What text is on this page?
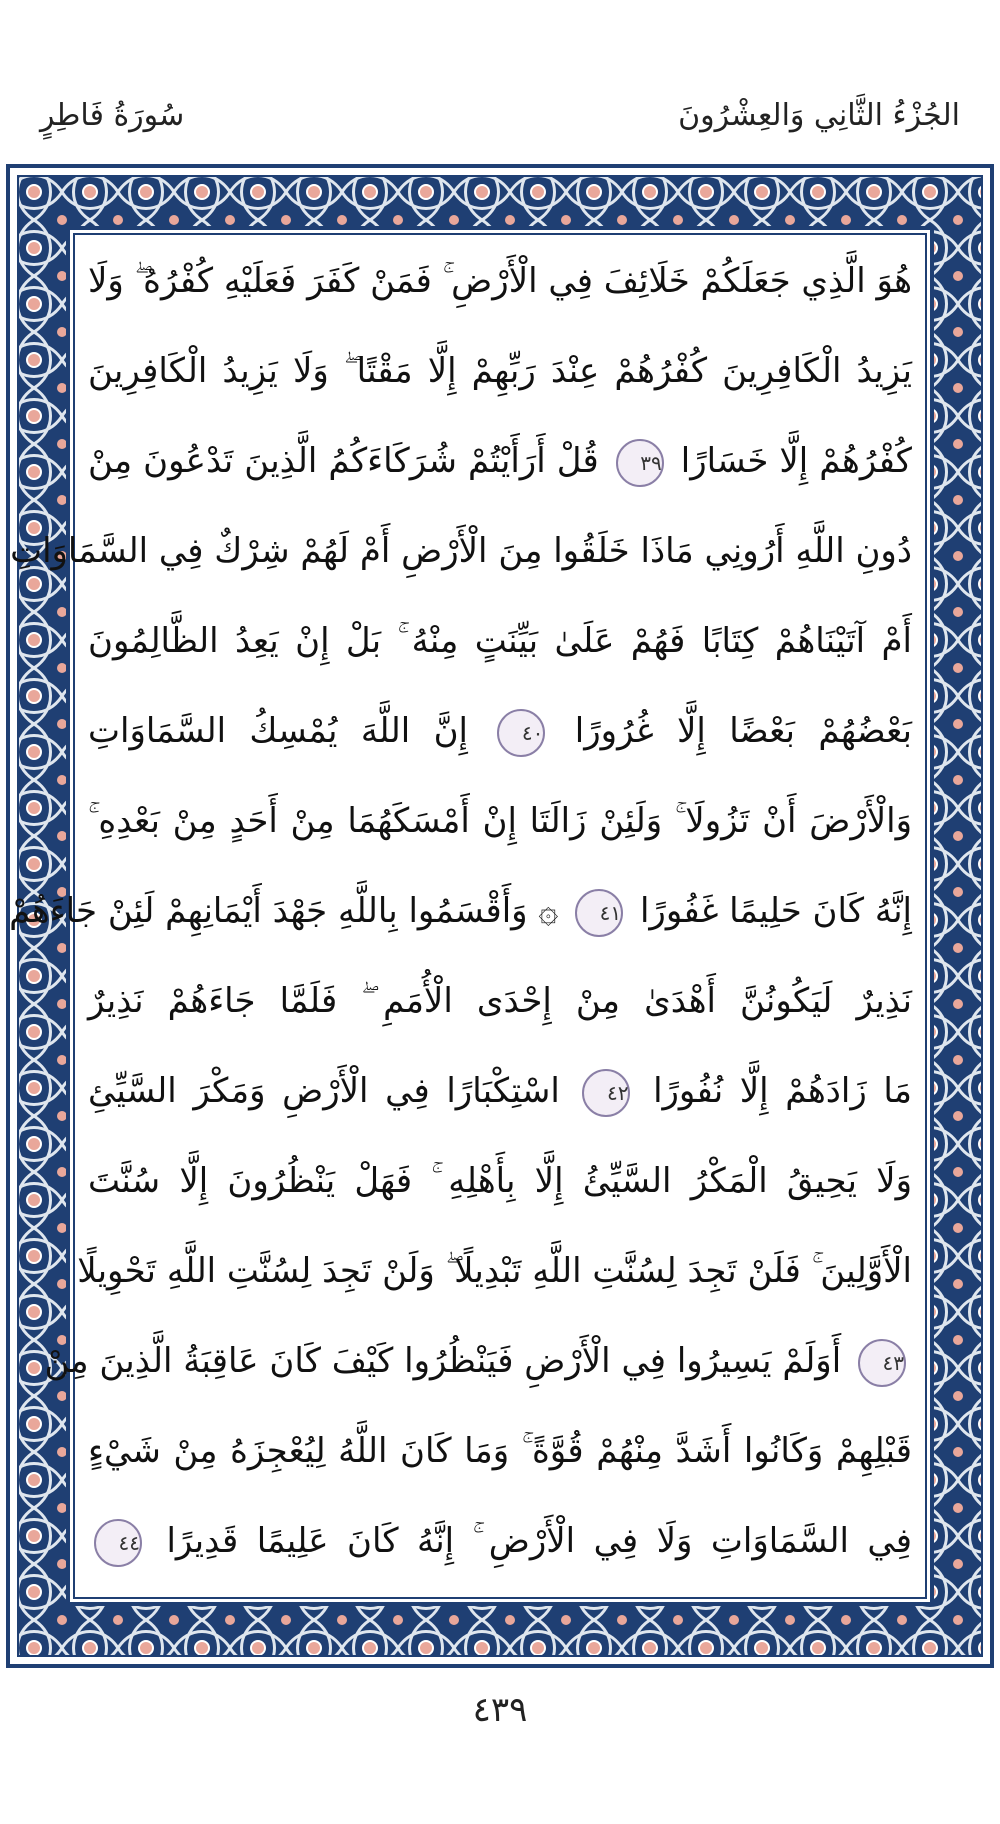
الجُزْءُ الثَّانِي وَالعِشْرُونَ
سُورَةُ فَاطِرٍ
هُوَ الَّذِي جَعَلَكُمْ خَلَائِفَ فِي الْأَرْضِ ۚ فَمَنْ كَفَرَ فَعَلَيْهِ كُفْرُهُ ۖ وَلَا
يَزِيدُ الْكَافِرِينَ كُفْرُهُمْ عِنْدَ رَبِّهِمْ إِلَّا مَقْتًا ۖ وَلَا يَزِيدُ الْكَافِرِينَ
كُفْرُهُمْ إِلَّا خَسَارًا ٣٩ قُلْ أَرَأَيْتُمْ شُرَكَاءَكُمُ الَّذِينَ تَدْعُونَ مِنْ
دُونِ اللَّهِ أَرُونِي مَاذَا خَلَقُوا مِنَ الْأَرْضِ أَمْ لَهُمْ شِرْكٌ فِي السَّمَاوَاتِ
أَمْ آتَيْنَاهُمْ كِتَابًا فَهُمْ عَلَىٰ بَيِّنَتٍ مِنْهُ ۚ بَلْ إِنْ يَعِدُ الظَّالِمُونَ
بَعْضُهُمْ بَعْضًا إِلَّا غُرُورًا ٤٠ إِنَّ اللَّهَ يُمْسِكُ السَّمَاوَاتِ
وَالْأَرْضَ أَنْ تَزُولَا ۚ وَلَئِنْ زَالَتَا إِنْ أَمْسَكَهُمَا مِنْ أَحَدٍ مِنْ بَعْدِهِ ۚ
إِنَّهُ كَانَ حَلِيمًا غَفُورًا ٤١ ۞ وَأَقْسَمُوا بِاللَّهِ جَهْدَ أَيْمَانِهِمْ لَئِنْ جَاءَهُمْ
نَذِيرٌ لَيَكُونُنَّ أَهْدَىٰ مِنْ إِحْدَى الْأُمَمِ ۖ فَلَمَّا جَاءَهُمْ نَذِيرٌ
مَا زَادَهُمْ إِلَّا نُفُورًا ٤٢ اسْتِكْبَارًا فِي الْأَرْضِ وَمَكْرَ السَّيِّئِ
وَلَا يَحِيقُ الْمَكْرُ السَّيِّئُ إِلَّا بِأَهْلِهِ ۚ فَهَلْ يَنْظُرُونَ إِلَّا سُنَّتَ
الْأَوَّلِينَ ۚ فَلَنْ تَجِدَ لِسُنَّتِ اللَّهِ تَبْدِيلًا ۖ وَلَنْ تَجِدَ لِسُنَّتِ اللَّهِ تَحْوِيلًا
٤٣ أَوَلَمْ يَسِيرُوا فِي الْأَرْضِ فَيَنْظُرُوا كَيْفَ كَانَ عَاقِبَةُ الَّذِينَ مِنْ
قَبْلِهِمْ وَكَانُوا أَشَدَّ مِنْهُمْ قُوَّةً ۚ وَمَا كَانَ اللَّهُ لِيُعْجِزَهُ مِنْ شَيْءٍ
فِي السَّمَاوَاتِ وَلَا فِي الْأَرْضِ ۚ إِنَّهُ كَانَ عَلِيمًا قَدِيرًا ٤٤
٤٣٩
